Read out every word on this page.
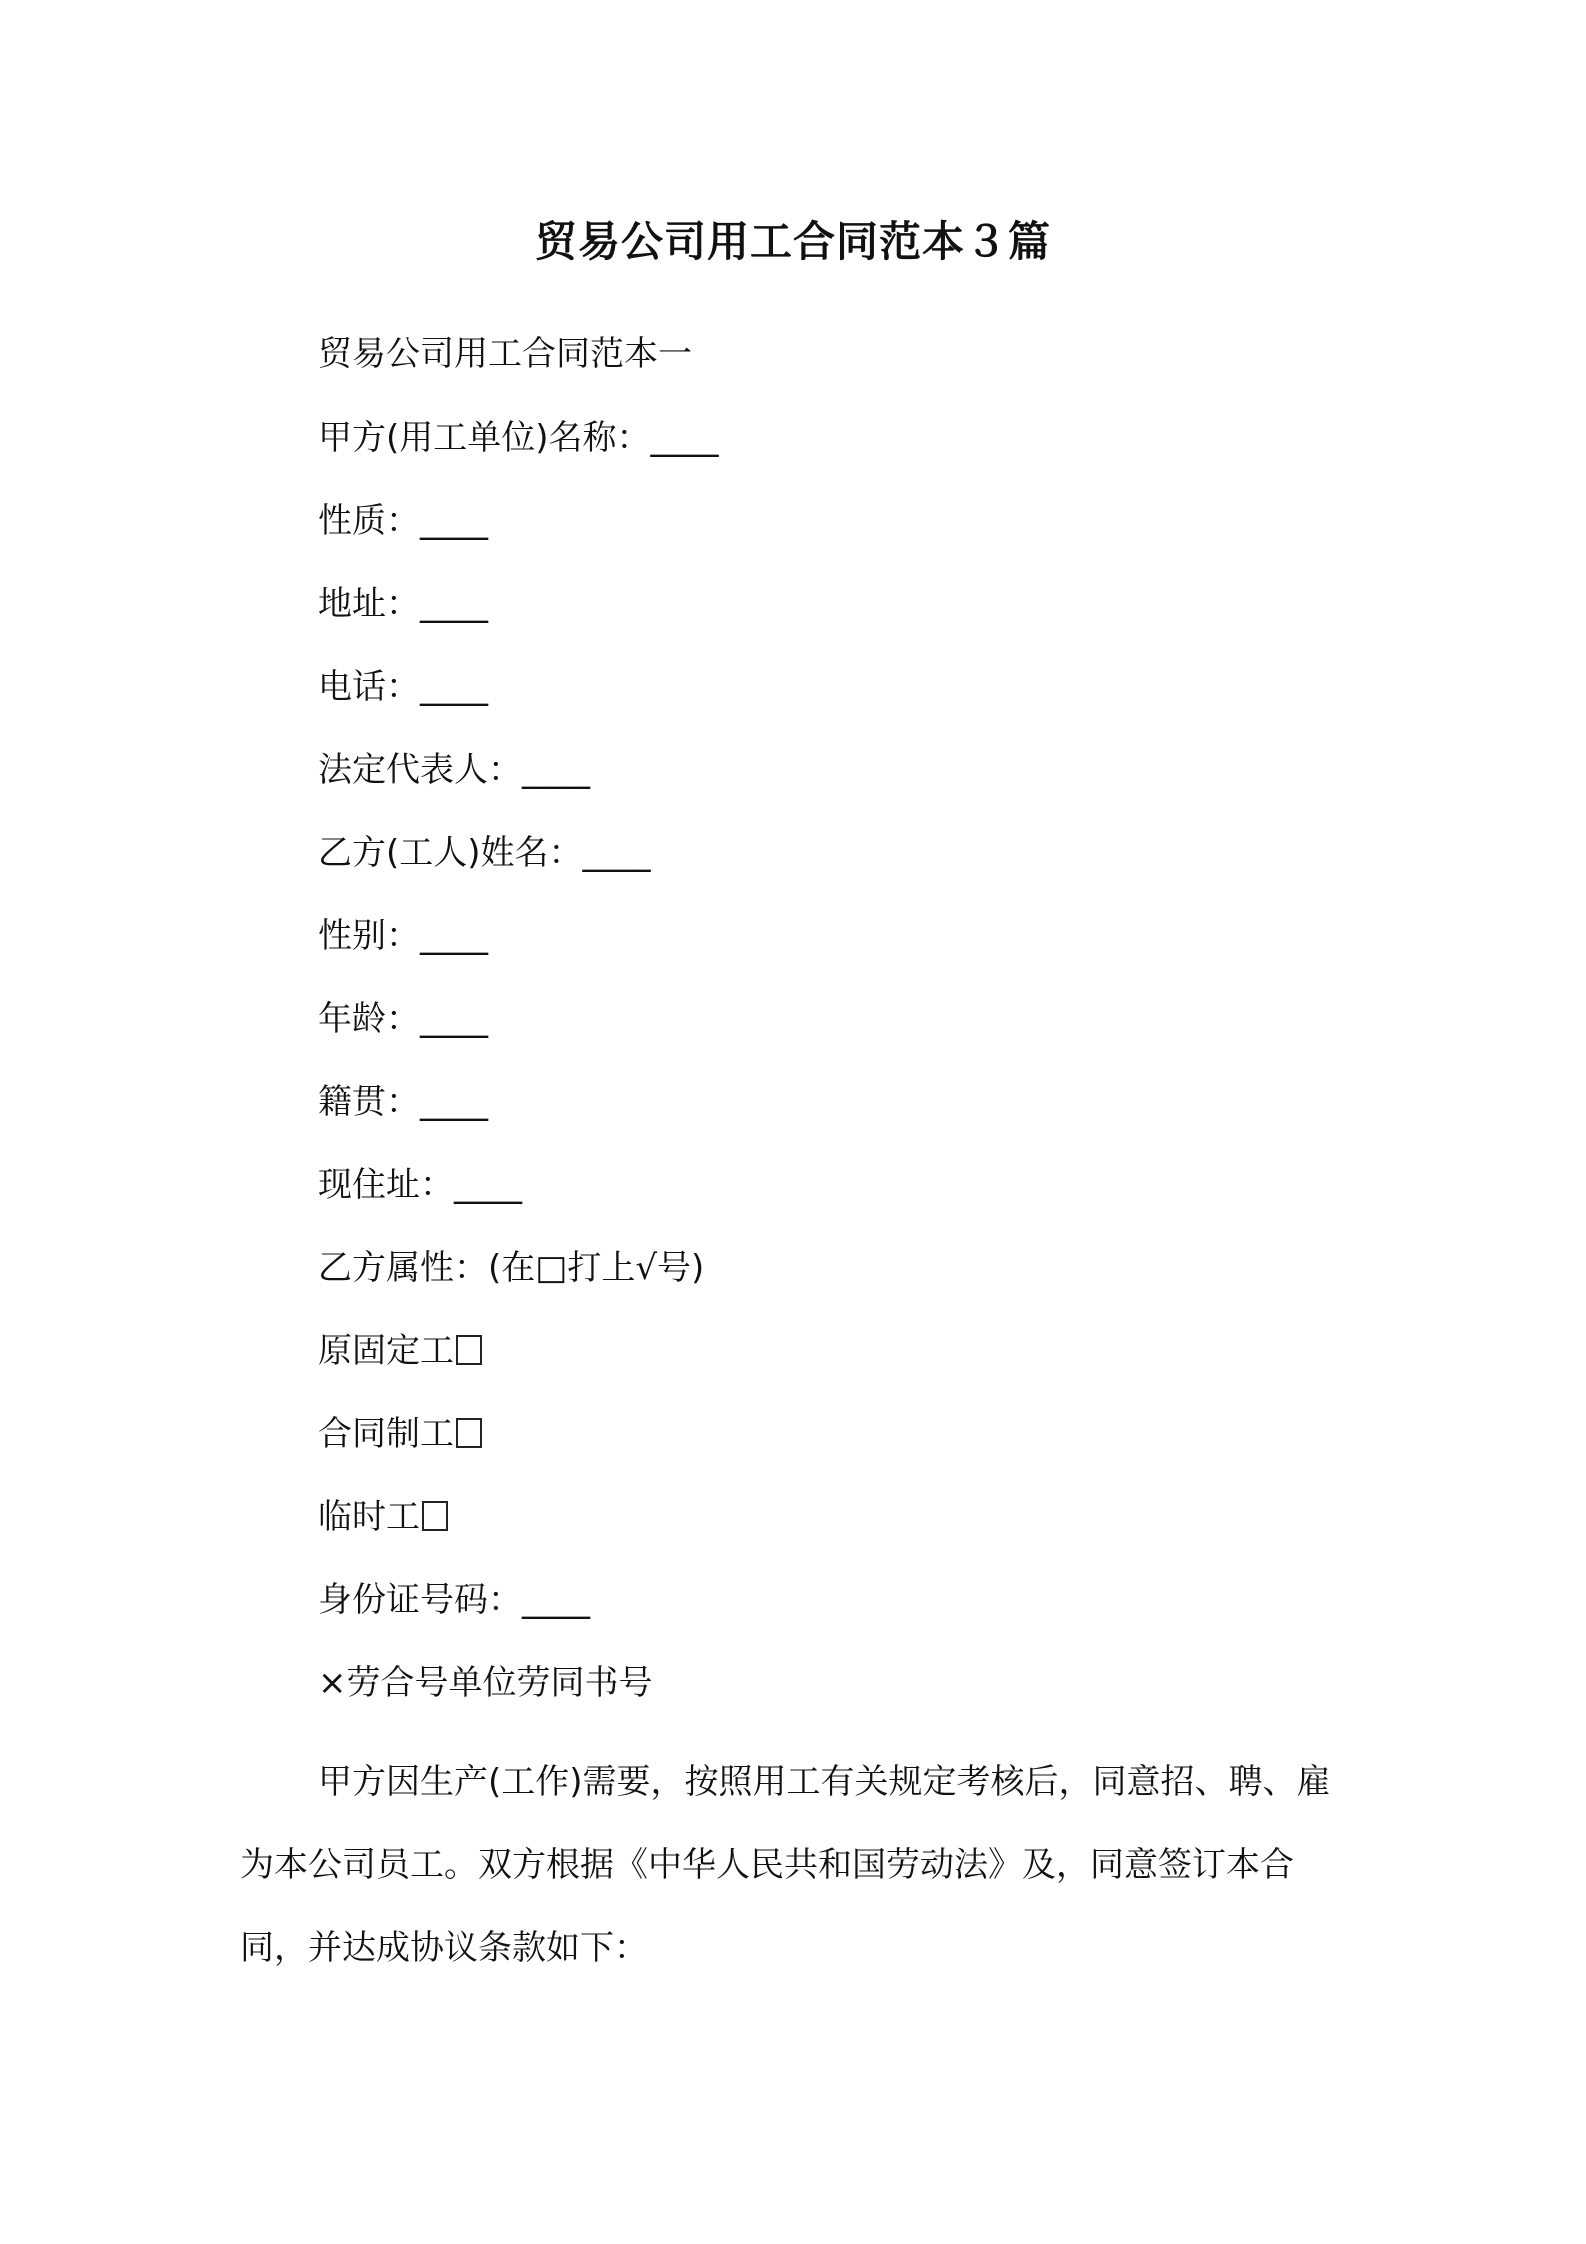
贸易公司用工合同范本３篇
贸易公司用工合同范本一
甲方(用工单位)名称：____
性质：____
地址：____
电话：____
法定代表人：____
乙方(工人)姓名：____
性别：____
年龄：____
籍贯：____
现住址：____
乙方属性：(在□打上√号)
原固定工
合同制工
临时工
身份证号码：____
×劳合号单位劳同书号
甲方因生产(工作)需要，按照用工有关规定考核后，同意招、聘、雇为本公司员工。双方根据《中华人民共和国劳动法》及，同意签订本合同，并达成协议条款如下：
